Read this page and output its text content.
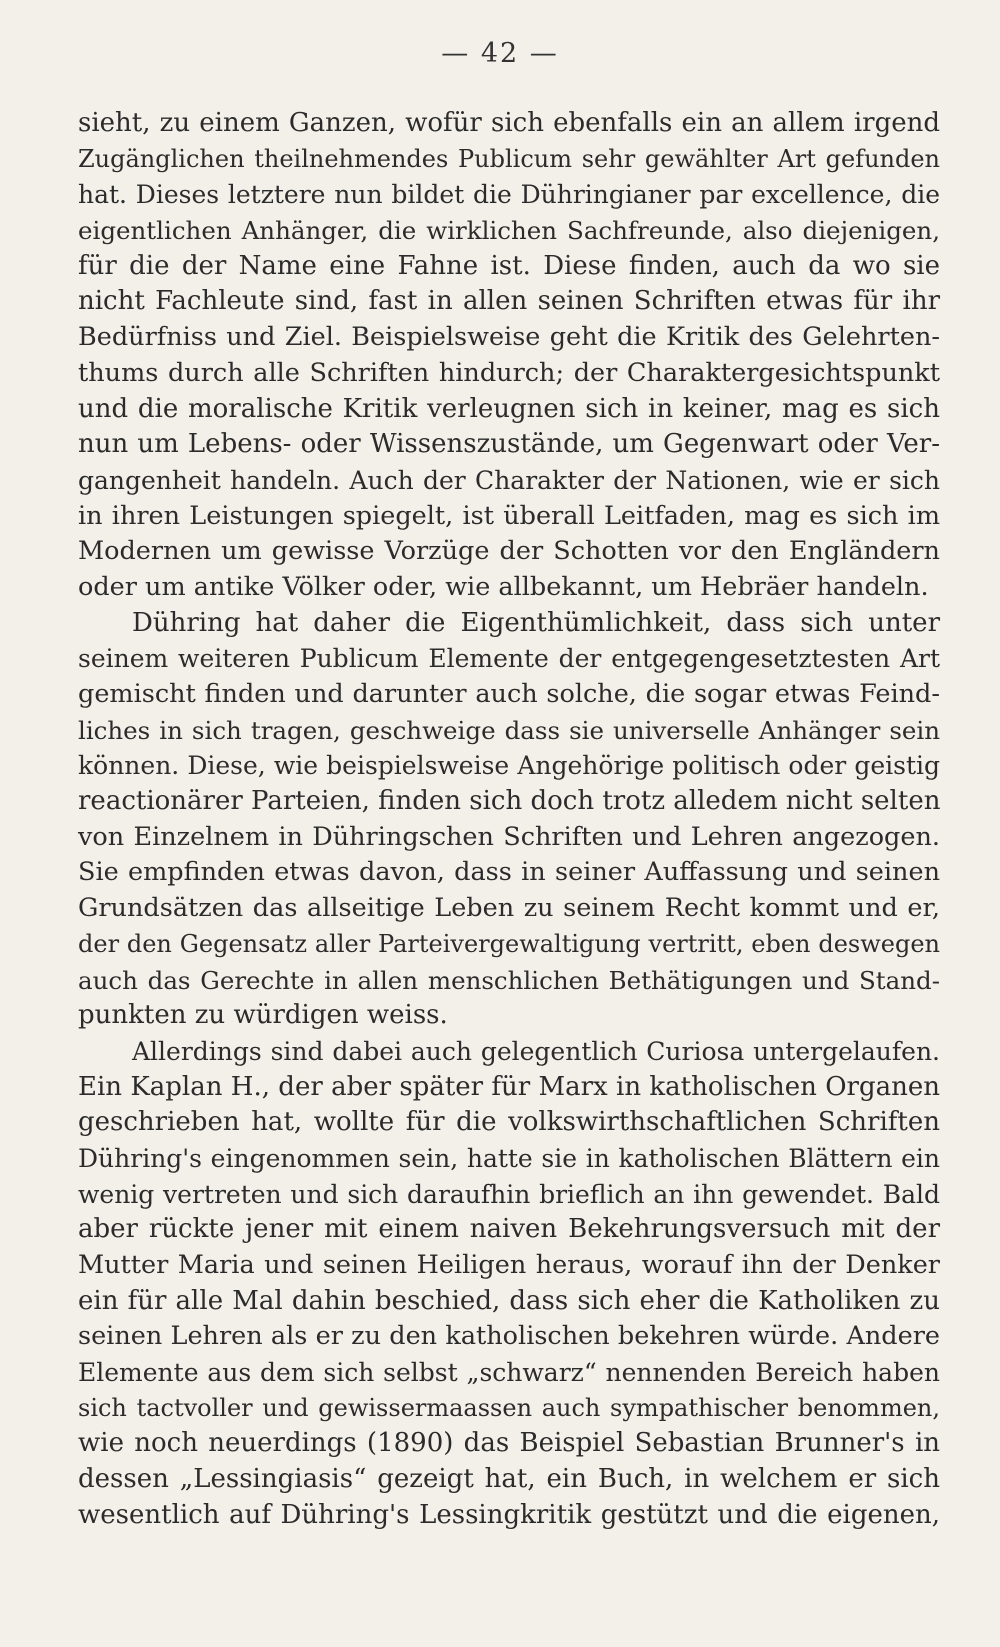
— 42 —
sieht, zu einem Ganzen, wofür sich ebenfalls ein an allem irgend
Zugänglichen theilnehmendes Publicum sehr gewählter Art gefunden
hat. Dieses letztere nun bildet die Dühringianer par excellence, die
eigentlichen Anhänger, die wirklichen Sachfreunde, also diejenigen,
für die der Name eine Fahne ist. Diese finden, auch da wo sie
nicht Fachleute sind, fast in allen seinen Schriften etwas für ihr
Bedürfniss und Ziel. Beispielsweise geht die Kritik des Gelehrten-
thums durch alle Schriften hindurch; der Charaktergesichtspunkt
und die moralische Kritik verleugnen sich in keiner, mag es sich
nun um Lebens- oder Wissenszustände, um Gegenwart oder Ver-
gangenheit handeln. Auch der Charakter der Nationen, wie er sich
in ihren Leistungen spiegelt, ist überall Leitfaden, mag es sich im
Modernen um gewisse Vorzüge der Schotten vor den Engländern
oder um antike Völker oder, wie allbekannt, um Hebräer handeln.
Dühring hat daher die Eigenthümlichkeit, dass sich unter
seinem weiteren Publicum Elemente der entgegengesetztesten Art
gemischt finden und darunter auch solche, die sogar etwas Feind-
liches in sich tragen, geschweige dass sie universelle Anhänger sein
können. Diese, wie beispielsweise Angehörige politisch oder geistig
reactionärer Parteien, finden sich doch trotz alledem nicht selten
von Einzelnem in Dühringschen Schriften und Lehren angezogen.
Sie empfinden etwas davon, dass in seiner Auffassung und seinen
Grundsätzen das allseitige Leben zu seinem Recht kommt und er,
der den Gegensatz aller Parteivergewaltigung vertritt, eben deswegen
auch das Gerechte in allen menschlichen Bethätigungen und Stand-
punkten zu würdigen weiss.
Allerdings sind dabei auch gelegentlich Curiosa untergelaufen.
Ein Kaplan H., der aber später für Marx in katholischen Organen
geschrieben hat, wollte für die volkswirthschaftlichen Schriften
Dühring's eingenommen sein, hatte sie in katholischen Blättern ein
wenig vertreten und sich daraufhin brieflich an ihn gewendet. Bald
aber rückte jener mit einem naiven Bekehrungsversuch mit der
Mutter Maria und seinen Heiligen heraus, worauf ihn der Denker
ein für alle Mal dahin beschied, dass sich eher die Katholiken zu
seinen Lehren als er zu den katholischen bekehren würde. Andere
Elemente aus dem sich selbst „schwarz“ nennenden Bereich haben
sich tactvoller und gewissermaassen auch sympathischer benommen,
wie noch neuerdings (1890) das Beispiel Sebastian Brunner's in
dessen „Lessingiasis“ gezeigt hat, ein Buch, in welchem er sich
wesentlich auf Dühring's Lessingkritik gestützt und die eigenen,
